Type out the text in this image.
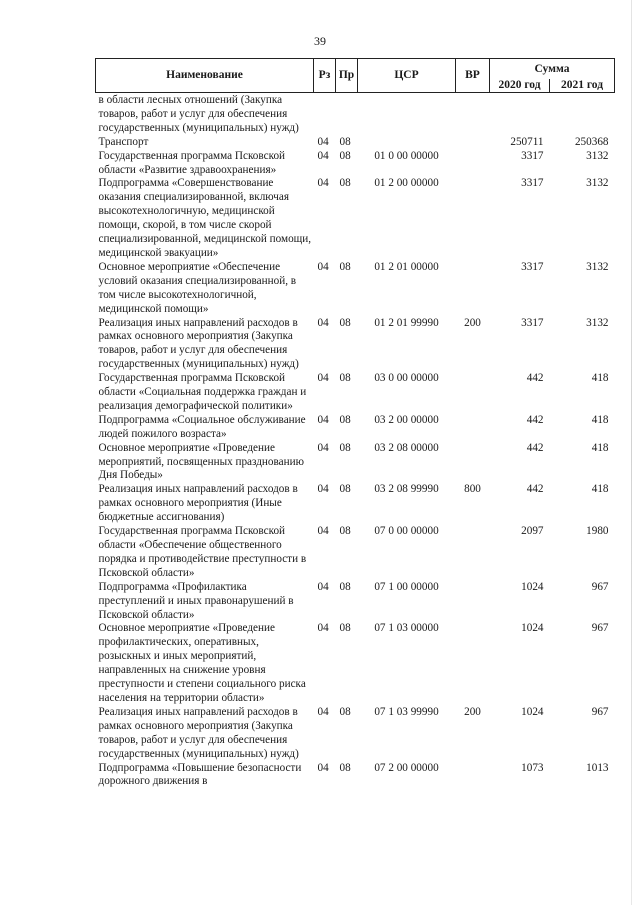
39
Наименование	Рз	Пр	ЦСР	ВР	Сумма	
					2020 год	2021 год
в области лесных отношений (Закупка товаров, работ и услуг для обеспечения государственных (муниципальных) нужд)						
Транспорт	04	08			250711	250368
Государственная программа Псковской области «Развитие здравоохранения»	04	08	01 0 00 00000		3317	3132
Подпрограмма «Совершенствование оказания специализированной, включая высокотехнологичную, медицинской помощи, скорой, в том числе скорой специализированной, медицинской помощи, медицинской эвакуации»	04	08	01 2 00 00000		3317	3132
Основное мероприятие «Обеспечение условий оказания специализированной, в том числе высокотехнологичной, медицинской помощи»	04	08	01 2 01 00000		3317	3132
Реализация иных направлений расходов в рамках основного мероприятия (Закупка товаров, работ и услуг для обеспечения государственных (муниципальных) нужд)	04	08	01 2 01 99990	200	3317	3132
Государственная программа Псковской области «Социальная поддержка граждан и реализация демографической политики»	04	08	03 0 00 00000		442	418
Подпрограмма «Социальное обслуживание людей пожилого возраста»	04	08	03 2 00 00000		442	418
Основное мероприятие «Проведение мероприятий, посвященных празднованию Дня Победы»	04	08	03 2 08 00000		442	418
Реализация иных направлений расходов в рамках основного мероприятия (Иные бюджетные ассигнования)	04	08	03 2 08 99990	800	442	418
Государственная программа Псковской области «Обеспечение общественного порядка и противодействие преступности в Псковской области»	04	08	07 0 00 00000		2097	1980
Подпрограмма «Профилактика преступлений и иных правонарушений в Псковской области»	04	08	07 1 00 00000		1024	967
Основное мероприятие «Проведение профилактических, оперативных, розыскных и иных мероприятий, направленных на снижение уровня преступности и степени социального риска населения на территории области»	04	08	07 1 03 00000		1024	967
Реализация иных направлений расходов в рамках основного мероприятия (Закупка товаров, работ и услуг для обеспечения государственных (муниципальных) нужд)	04	08	07 1 03 99990	200	1024	967
Подпрограмма «Повышение безопасности дорожного движения в	04	08	07 2 00 00000		1073	1013
